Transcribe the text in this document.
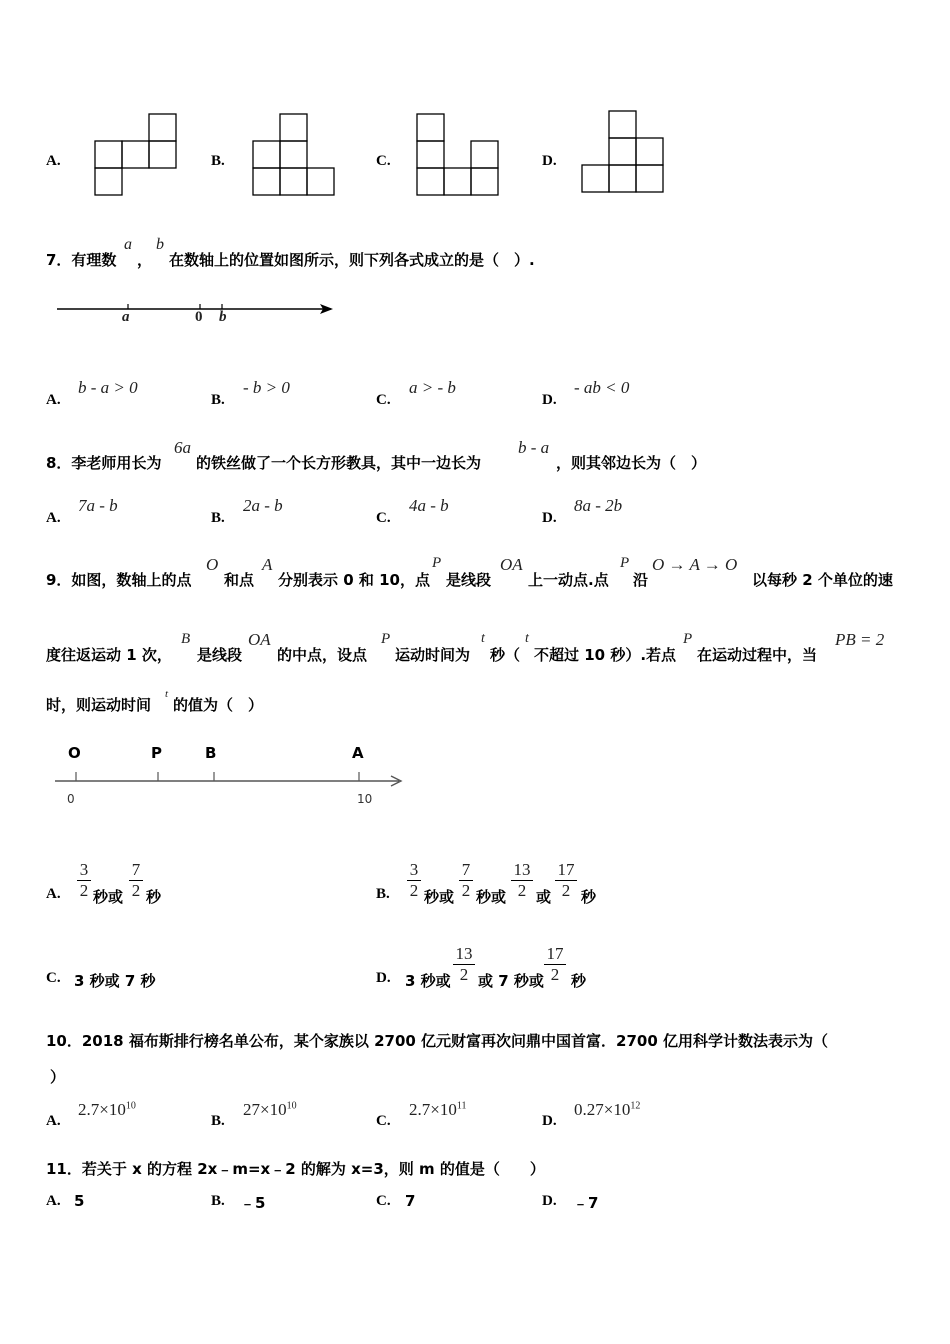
A.	B.	C.	D.
7．有理数
a
，
b
在数轴上的位置如图所示，则下列各式成立的是（　）.
a	0 b
A.
b - a > 0
B.
- b > 0
C.
a > - b
D.
- ab < 0
8．李老师用长为
6a
的铁丝做了一个长方形教具，其中一边长为
b - a
，则其邻边长为（　）
A.
7a - b
B.
2a - b
C.
4a - b
D.
8a - 2b
9．如图，数轴上的点
O
和点
A
分别表示 0 和 10，点
P
是线段
OA
上一动点.点
P
沿
O → A → O
以每秒 2 个单位的速
度往返运动 1 次，
B
是线段
OA
的中点，设点
P
运动时间为
t
秒（
t
不超过 10 秒）.若点
P
在运动过程中，当
PB = 2
时，则运动时间
t
的值为（　）
O	P	B	A
0	10
A.
3
2 秒或
7
2 秒	B.
3
2 秒或
7
2 秒或
13
2 或
17
2 秒
C. 3 秒或 7 秒	D. 3 秒或
13
2 或 7 秒或
17
2 秒
10．2018 福布斯排行榜名单公布，某个家族以 2700 亿元财富再次问鼎中国首富．2700 亿用科学计数法表示为（
）
A.
$2.7\times 10^{10}$
B.
$27\times 10^{10}$
C.
$2.7\times 10^{11}$
D.
$0.27\times 10^{12}$
11．若关于 x 的方程 2x﹣m=x﹣2 的解为 x=3，则 m 的值是（　　）
A. 5	B. ﹣5	C. 7	D. ﹣7
